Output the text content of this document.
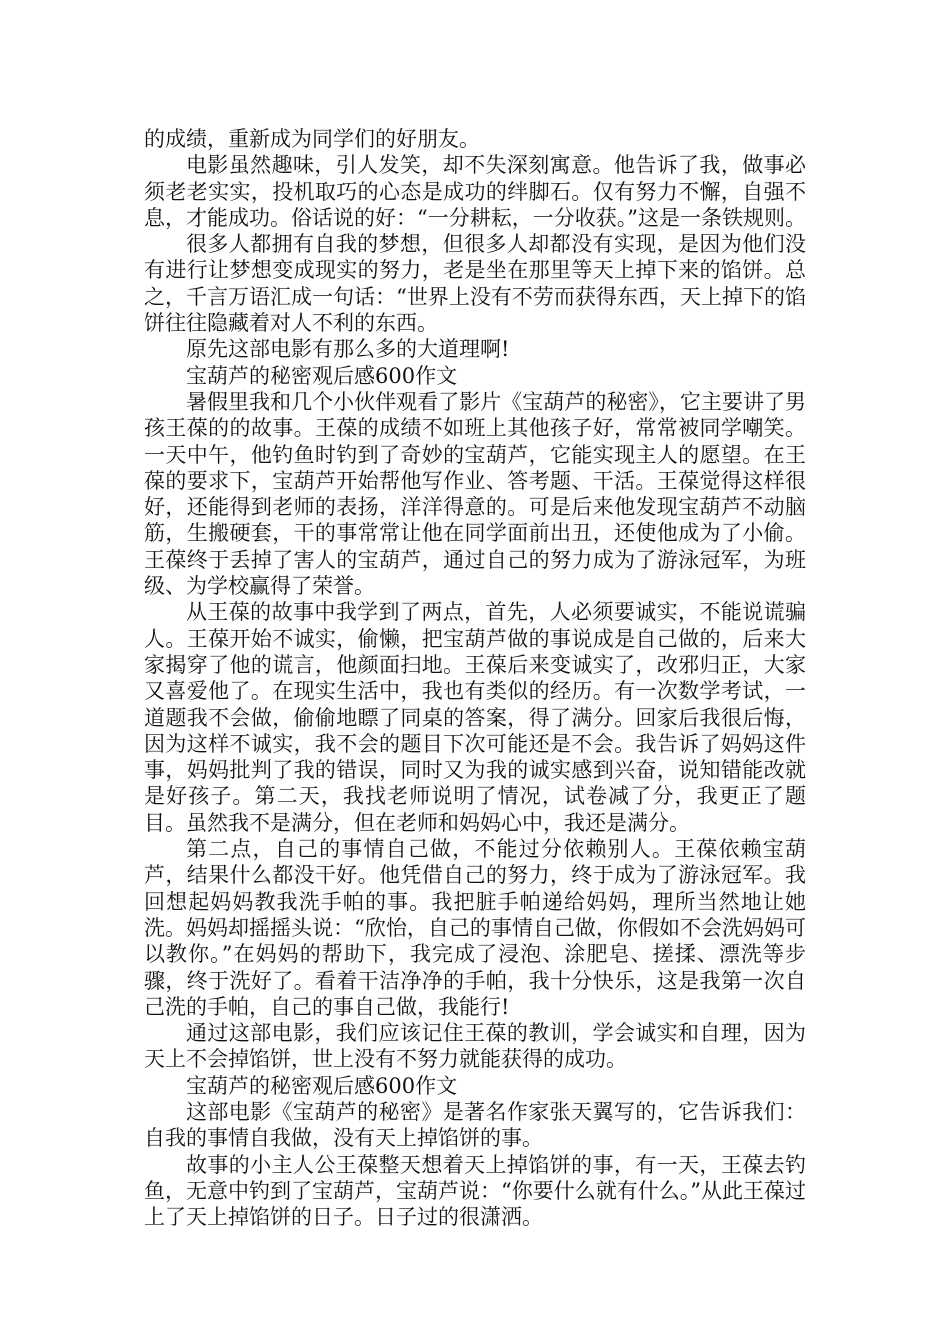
的成绩，重新成为同学们的好朋友。

电影虽然趣味，引人发笑，却不失深刻寓意。他告诉了我，做事必须老老实实，投机取巧的心态是成功的绊脚石。仅有努力不懈，自强不息，才能成功。俗话说的好：“一分耕耘，一分收获。”这是一条铁规则。

很多人都拥有自我的梦想，但很多人却都没有实现，是因为他们没有进行让梦想变成现实的努力，老是坐在那里等天上掉下来的馅饼。总之，千言万语汇成一句话：“世界上没有不劳而获得东西，天上掉下的馅饼往往隐藏着对人不利的东西。

原先这部电影有那么多的大道理啊!

宝葫芦的秘密观后感600作文

暑假里我和几个小伙伴观看了影片《宝葫芦的秘密》，它主要讲了男孩王葆的的故事。王葆的成绩不如班上其他孩子好，常常被同学嘲笑。一天中午，他钓鱼时钓到了奇妙的宝葫芦，它能实现主人的愿望。在王葆的要求下，宝葫芦开始帮他写作业、答考题、干活。王葆觉得这样很好，还能得到老师的表扬，洋洋得意的。可是后来他发现宝葫芦不动脑筋，生搬硬套，干的事常常让他在同学面前出丑，还使他成为了小偷。王葆终于丢掉了害人的宝葫芦，通过自己的努力成为了游泳冠军，为班级、为学校赢得了荣誉。

从王葆的故事中我学到了两点，首先，人必须要诚实，不能说谎骗人。王葆开始不诚实，偷懒，把宝葫芦做的事说成是自己做的，后来大家揭穿了他的谎言，他颜面扫地。王葆后来变诚实了，改邪归正，大家又喜爱他了。在现实生活中，我也有类似的经历。有一次数学考试，一道题我不会做，偷偷地瞟了同桌的答案，得了满分。回家后我很后悔，因为这样不诚实，我不会的题目下次可能还是不会。我告诉了妈妈这件事，妈妈批判了我的错误，同时又为我的诚实感到兴奋，说知错能改就是好孩子。第二天，我找老师说明了情况，试卷减了分，我更正了题目。虽然我不是满分，但在老师和妈妈心中，我还是满分。

第二点，自己的事情自己做，不能过分依赖别人。王葆依赖宝葫芦，结果什么都没干好。他凭借自己的努力，终于成为了游泳冠军。我回想起妈妈教我洗手帕的事。我把脏手帕递给妈妈，理所当然地让她洗。妈妈却摇摇头说：“欣怡，自己的事情自己做，你假如不会洗妈妈可以教你。”在妈妈的帮助下，我完成了浸泡、涂肥皂、搓揉、漂洗等步骤，终于洗好了。看着干洁净净的手帕，我十分快乐，这是我第一次自己洗的手帕，自己的事自己做，我能行!

通过这部电影，我们应该记住王葆的教训，学会诚实和自理，因为天上不会掉馅饼，世上没有不努力就能获得的成功。

宝葫芦的秘密观后感600作文

这部电影《宝葫芦的秘密》是著名作家张天翼写的，它告诉我们：自我的事情自我做，没有天上掉馅饼的事。

故事的小主人公王葆整天想着天上掉馅饼的事，有一天，王葆去钓鱼，无意中钓到了宝葫芦，宝葫芦说：“你要什么就有什么。”从此王葆过上了天上掉馅饼的日子。日子过的很潇洒。
